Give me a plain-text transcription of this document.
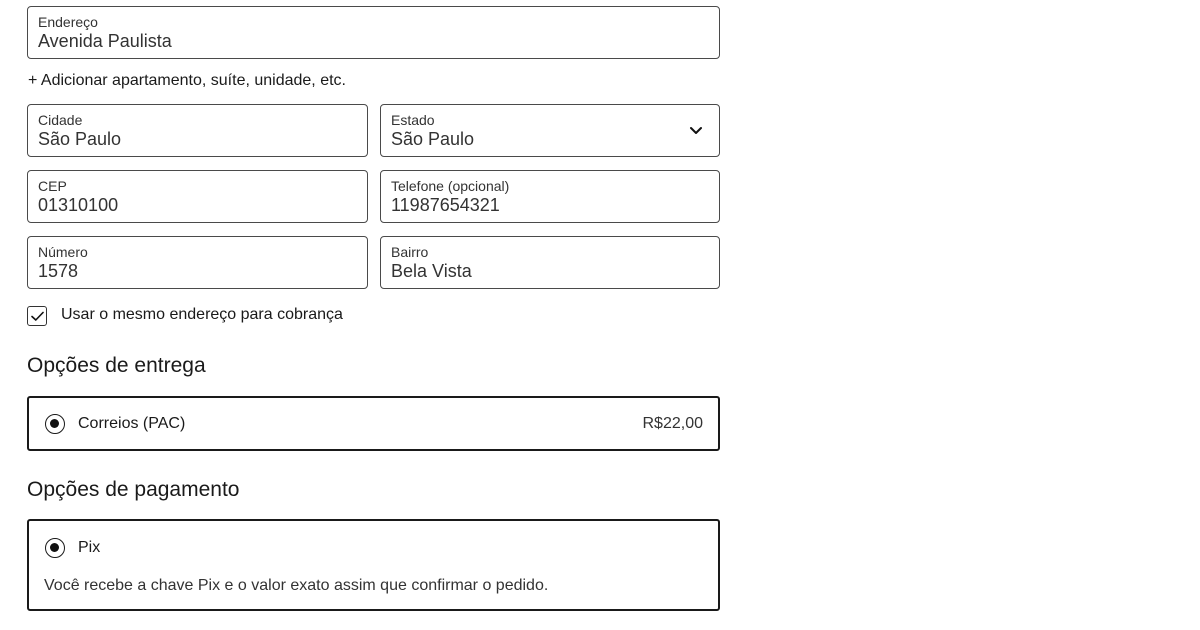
Endereço
Avenida Paulista
+ Adicionar apartamento, suíte, unidade, etc.
Cidade
São Paulo
Estado
São Paulo
CEP
01310100
Telefone (opcional)
11987654321
Número
1578
Bairro
Bela Vista
Usar o mesmo endereço para cobrança
Opções de entrega
Correios (PAC)	R$22,00
Opções de pagamento
Pix
Você recebe a chave Pix e o valor exato assim que confirmar o pedido.
